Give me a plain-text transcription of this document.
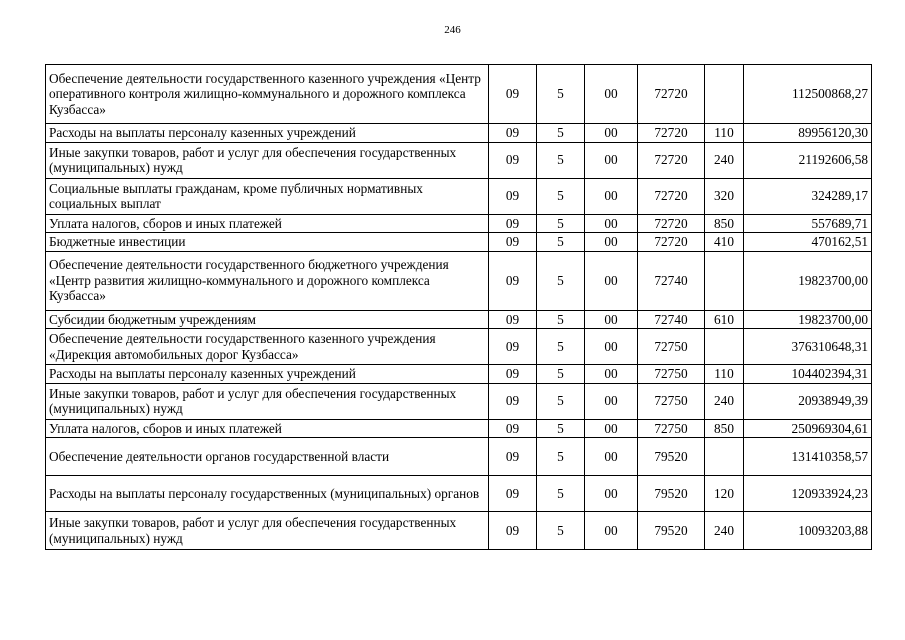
246
Обеспечение деятельности государственного казенного учреждения «Центр оперативного контроля жилищно-коммунального и дорожного комплекса Кузбасса»	09	5	00	72720		112500868,27
Расходы на выплаты персоналу казенных учреждений	09	5	00	72720	110	89956120,30
Иные закупки товаров, работ и услуг для обеспечения государственных (муниципальных) нужд	09	5	00	72720	240	21192606,58
Социальные выплаты гражданам, кроме публичных нормативных социальных выплат	09	5	00	72720	320	324289,17
Уплата налогов, сборов и иных платежей	09	5	00	72720	850	557689,71
Бюджетные инвестиции	09	5	00	72720	410	470162,51
Обеспечение деятельности государственного бюджетного учреждения «Центр развития жилищно-коммунального и дорожного комплекса Кузбасса»	09	5	00	72740		19823700,00
Субсидии бюджетным учреждениям	09	5	00	72740	610	19823700,00
Обеспечение деятельности государственного казенного учреждения «Дирекция автомобильных дорог Кузбасса»	09	5	00	72750		376310648,31
Расходы на выплаты персоналу казенных учреждений	09	5	00	72750	110	104402394,31
Иные закупки товаров, работ и услуг для обеспечения государственных (муниципальных) нужд	09	5	00	72750	240	20938949,39
Уплата налогов, сборов и иных платежей	09	5	00	72750	850	250969304,61
Обеспечение деятельности органов государственной власти	09	5	00	79520		131410358,57
Расходы на выплаты персоналу государственных (муниципальных) органов	09	5	00	79520	120	120933924,23
Иные закупки товаров, работ и услуг для обеспечения государственных (муниципальных) нужд	09	5	00	79520	240	10093203,88
